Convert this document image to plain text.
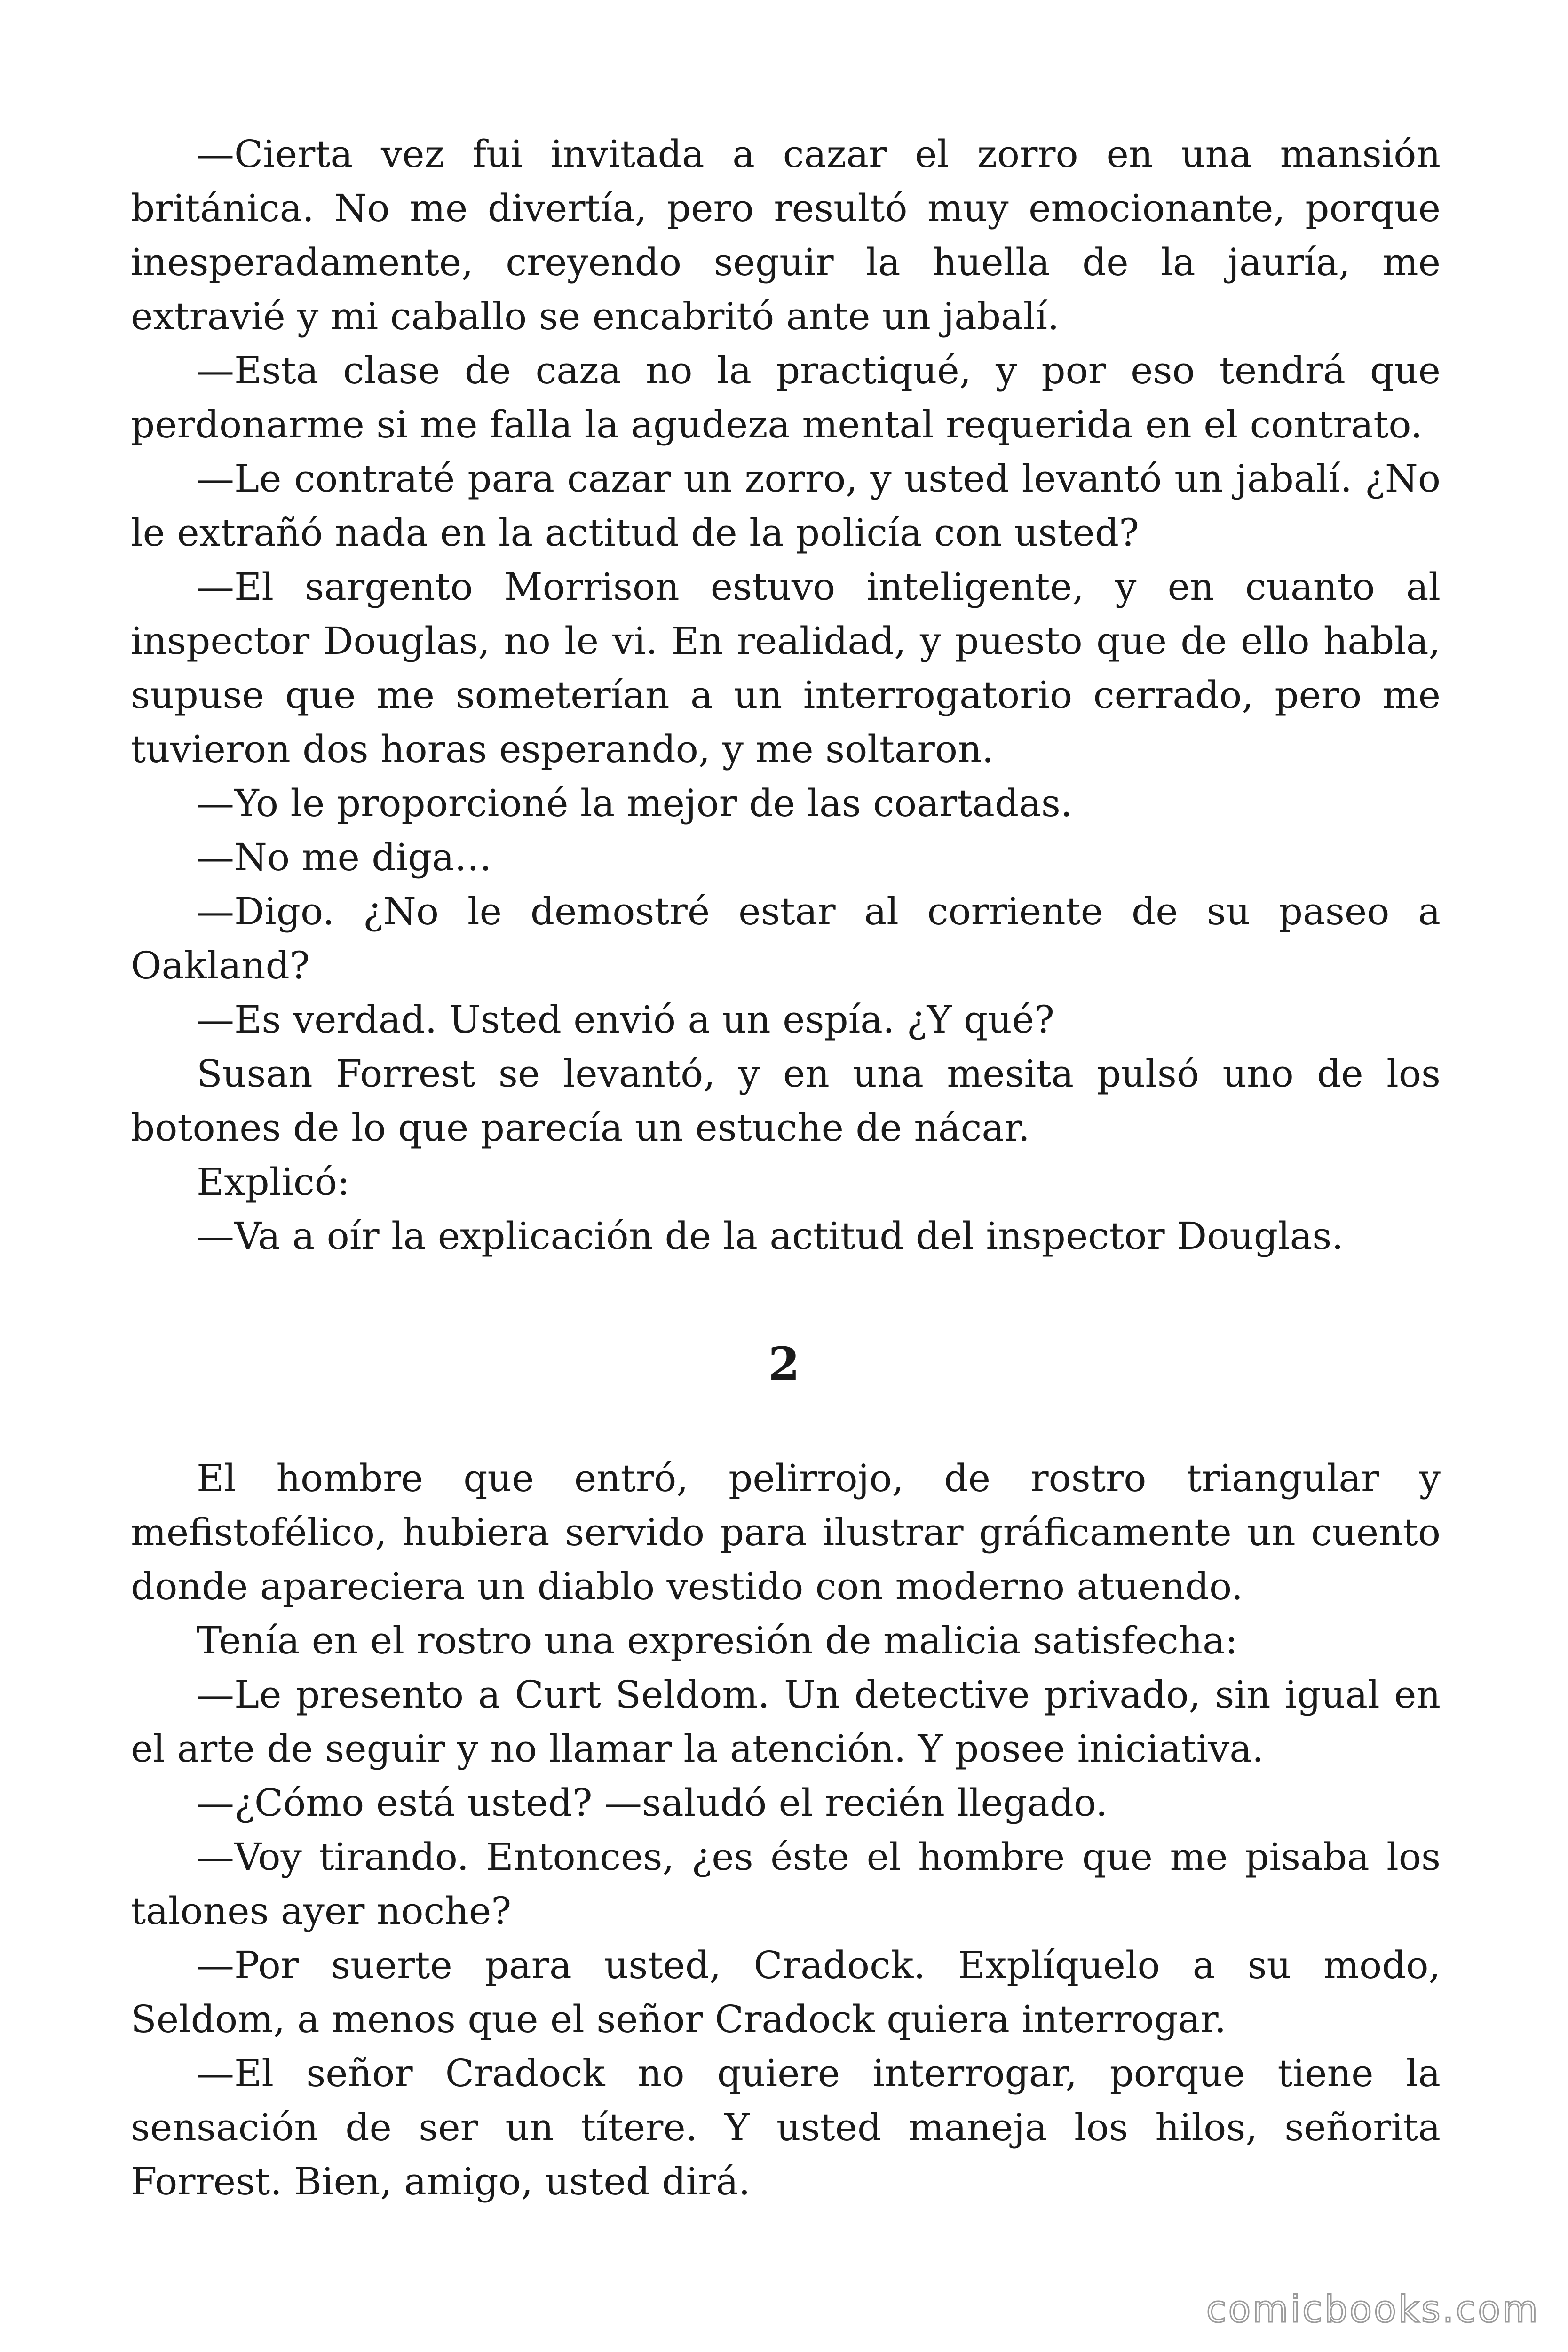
—Cierta vez fui invitada a cazar el zorro en una mansión británica. No me divertía, pero resultó muy emocionante, porque inesperadamente, creyendo seguir la huella de la jauría, me extravié y mi caballo se encabritó ante un jabalí.

—Esta clase de caza no la practiqué, y por eso tendrá que perdonarme si me falla la agudeza mental requerida en el contrato.

—Le contraté para cazar un zorro, y usted levantó un jabalí. ¿No le extrañó nada en la actitud de la policía con usted?

—El sargento Morrison estuvo inteligente, y en cuanto al inspector Douglas, no le vi. En realidad, y puesto que de ello habla, supuse que me someterían a un interrogatorio cerrado, pero me tuvieron dos horas esperando, y me soltaron.

—Yo le proporcioné la mejor de las coartadas.

—No me diga…

—Digo. ¿No le demostré estar al corriente de su paseo a Oakland?

—Es verdad. Usted envió a un espía. ¿Y qué?

Susan Forrest se levantó, y en una mesita pulsó uno de los botones de lo que parecía un estuche de nácar.

Explicó:

—Va a oír la explicación de la actitud del inspector Douglas.

2

El hombre que entró, pelirrojo, de rostro triangular y mefistofélico, hubiera servido para ilustrar gráficamente un cuento donde apareciera un diablo vestido con moderno atuendo.

Tenía en el rostro una expresión de malicia satisfecha:

—Le presento a Curt Seldom. Un detective privado, sin igual en el arte de seguir y no llamar la atención. Y posee iniciativa.

—¿Cómo está usted? —saludó el recién llegado.

—Voy tirando. Entonces, ¿es éste el hombre que me pisaba los talones ayer noche?

—Por suerte para usted, Cradock. Explíquelo a su modo, Seldom, a menos que el señor Cradock quiera interrogar.

—El señor Cradock no quiere interrogar, porque tiene la sensación de ser un títere. Y usted maneja los hilos, señorita Forrest. Bien, amigo, usted dirá.

comicbooks.com
